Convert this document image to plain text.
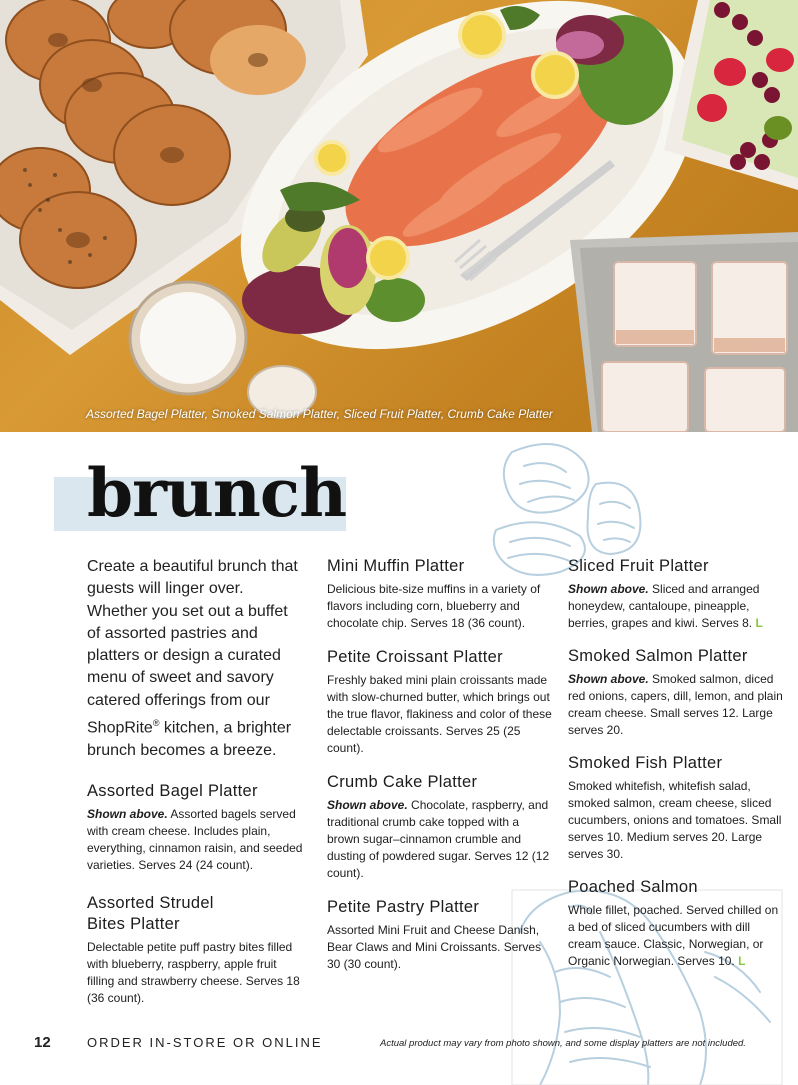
Assorted Bagel Platter, Smoked Salmon Platter, Sliced Fruit Platter, Crumb Cake Platter
brunch

Create a beautiful brunch that guests will linger over. Whether you set out a buffet of assorted pastries and platters or design a curated menu of sweet and savory catered offerings from our ShopRite® kitchen, a brighter brunch becomes a breeze.

Assorted Bagel Platter

Shown above. Assorted bagels served with cream cheese. Includes plain, everything, cinnamon raisin, and seeded varieties. Serves 24 (24 count).

Assorted Strudel
Bites Platter

Delectable petite puff pastry bites filled with blueberry, raspberry, apple fruit filling and strawberry cheese. Serves 18 (36 count).

Mini Muffin Platter

Delicious bite-size muffins in a variety of flavors including corn, blueberry and chocolate chip. Serves 18 (36 count).

Petite Croissant Platter

Freshly baked mini plain croissants made with slow-churned butter, which brings out the true flavor, flakiness and color of these delectable croissants. Serves 25 (25 count).

Crumb Cake Platter

Shown above. Chocolate, raspberry, and traditional crumb cake topped with a brown sugar–cinnamon crumble and dusting of powdered sugar. Serves 12 (12 count).

Petite Pastry Platter

Assorted Mini Fruit and Cheese Danish, Bear Claws and Mini Croissants. Serves 30 (30 count).

Sliced Fruit Platter

Shown above. Sliced and arranged honeydew, cantaloupe, pineapple, berries, grapes and kiwi. Serves 8. L

Smoked Salmon Platter

Shown above. Smoked salmon, diced red onions, capers, dill, lemon, and plain cream cheese. Small serves 12. Large serves 20.

Smoked Fish Platter

Smoked whitefish, whitefish salad, smoked salmon, cream cheese, sliced cucumbers, onions and tomatoes. Small serves 10. Medium serves 20. Large serves 30.

Poached Salmon

Whole fillet, poached. Served chilled on a bed of sliced cucumbers with dill cream sauce. Classic, Norwegian, or Organic Norwegian. Serves 10. L

12	ORDER IN-STORE OR ONLINE	Actual product may vary from photo shown, and some display platters are not included.
